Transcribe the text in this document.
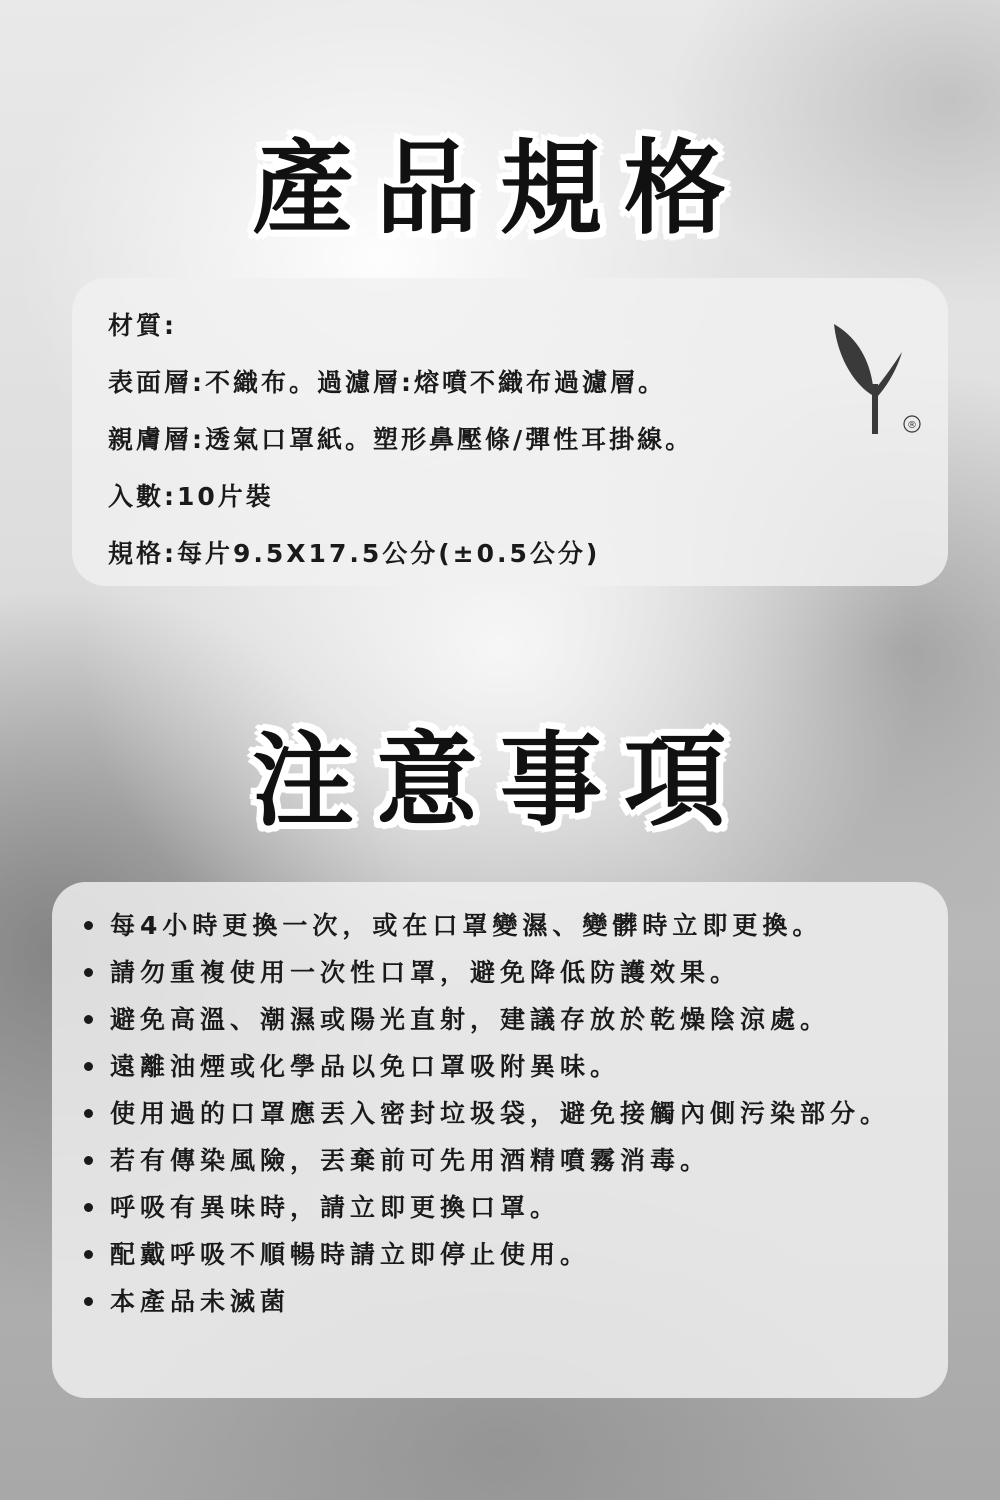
產品規格
材質:
表面層:不織布。過濾層:熔噴不織布過濾層。
親膚層:透氣口罩紙。塑形鼻壓條/彈性耳掛線。
入數:10片裝
規格:每片9.5X17.5公分(±0.5公分)
®
注意事項
每4小時更換一次，或在口罩變濕、變髒時立即更換。
請勿重複使用一次性口罩，避免降低防護效果。
避免高溫、潮濕或陽光直射，建議存放於乾燥陰涼處。
遠離油煙或化學品以免口罩吸附異味。
使用過的口罩應丟入密封垃圾袋，避免接觸內側污染部分。
若有傳染風險，丟棄前可先用酒精噴霧消毒。
呼吸有異味時，請立即更換口罩。
配戴呼吸不順暢時請立即停止使用。
本產品未滅菌
